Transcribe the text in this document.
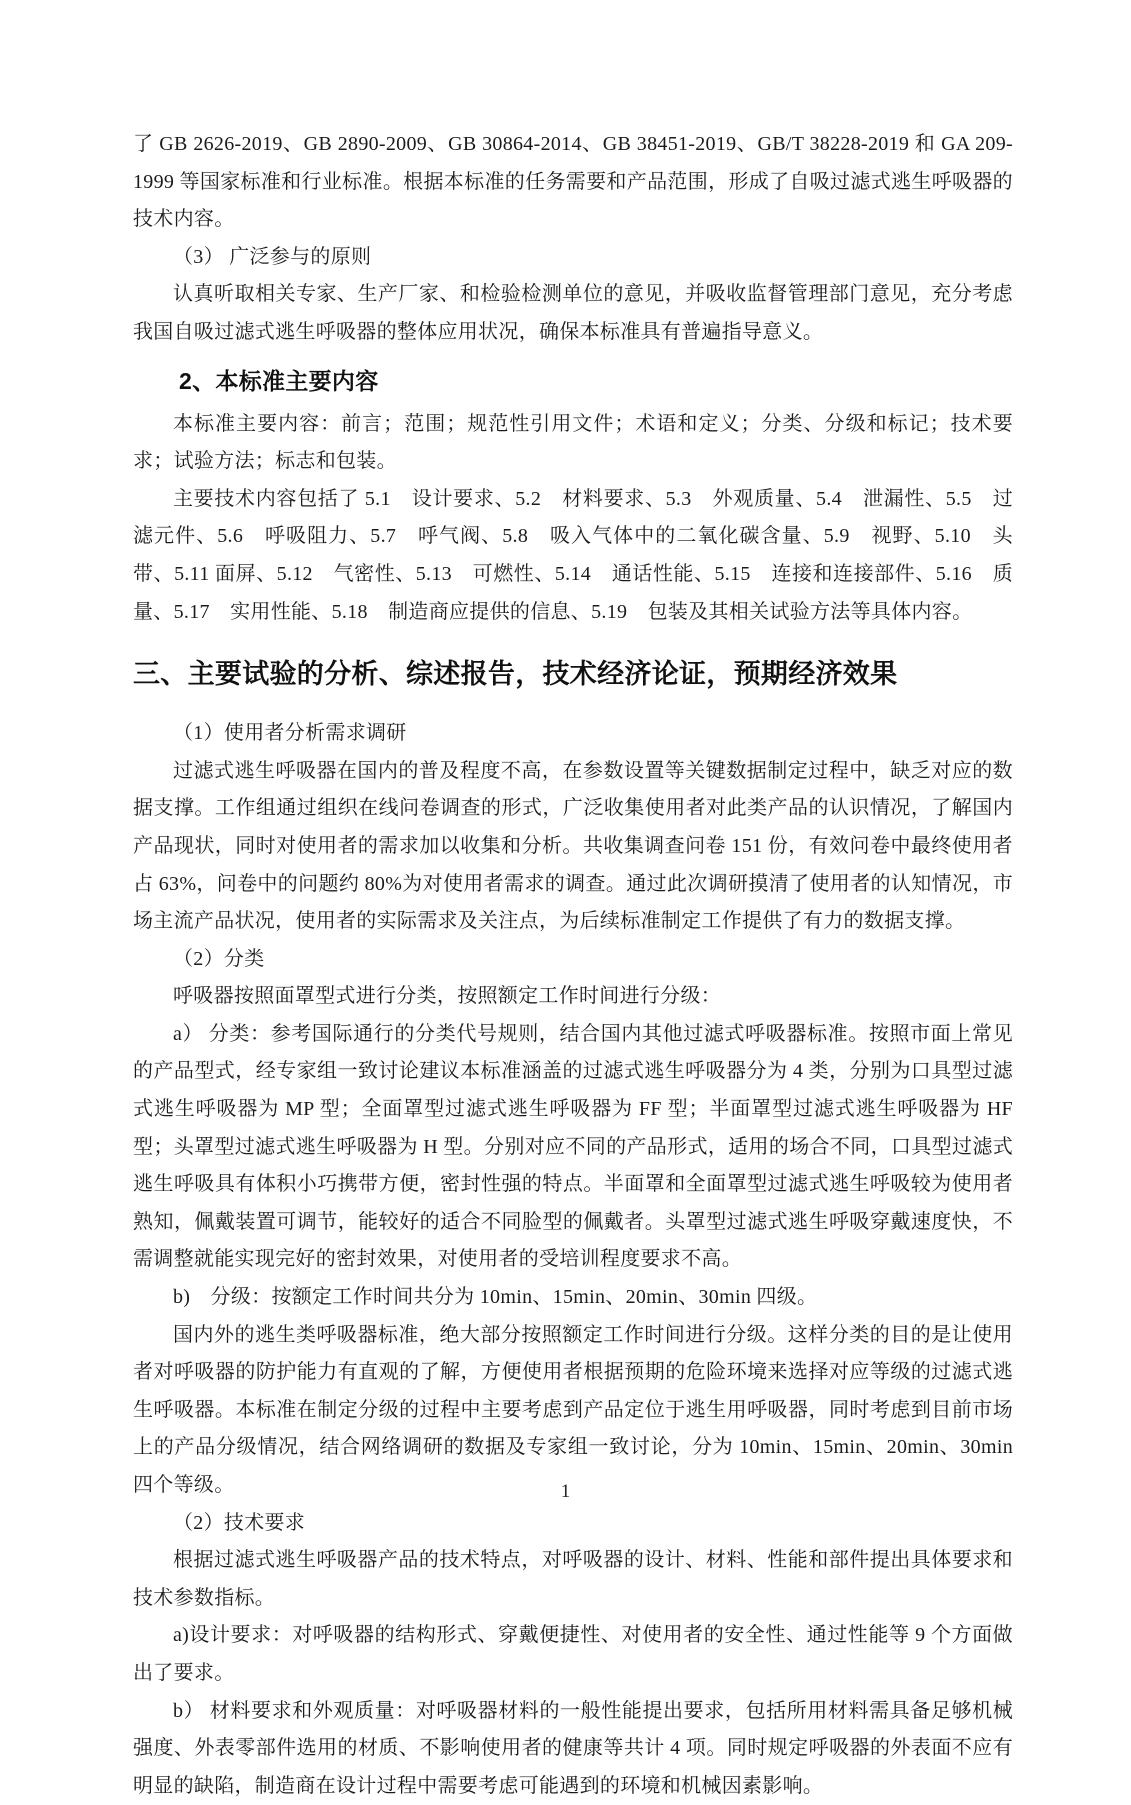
了 GB 2626-2019、GB 2890-2009、GB 30864-2014、GB 38451-2019、GB/T 38228-2019 和 GA 209-1999 等国家标准和行业标准。根据本标准的任务需要和产品范围，形成了自吸过滤式逃生呼吸器的技术内容。

（3） 广泛参与的原则

认真听取相关专家、生产厂家、和检验检测单位的意见，并吸收监督管理部门意见，充分考虑我国自吸过滤式逃生呼吸器的整体应用状况，确保本标准具有普遍指导意义。

2、本标准主要内容

本标准主要内容：前言；范围；规范性引用文件；术语和定义；分类、分级和标记；技术要求；试验方法；标志和包装。

主要技术内容包括了 5.1　设计要求、5.2　材料要求、5.3　外观质量、5.4　泄漏性、5.5　过滤元件、5.6　呼吸阻力、5.7　呼气阀、5.8　吸入气体中的二氧化碳含量、5.9　视野、5.10　头带、5.11 面屏、5.12　气密性、5.13　可燃性、5.14　通话性能、5.15　连接和连接部件、5.16　质量、5.17　实用性能、5.18　制造商应提供的信息、5.19　包装及其相关试验方法等具体内容。

三、主要试验的分析、综述报告，技术经济论证，预期经济效果

（1）使用者分析需求调研

过滤式逃生呼吸器在国内的普及程度不高，在参数设置等关键数据制定过程中，缺乏对应的数据支撑。工作组通过组织在线问卷调查的形式，广泛收集使用者对此类产品的认识情况，了解国内产品现状，同时对使用者的需求加以收集和分析。共收集调查问卷 151 份，有效问卷中最终使用者占 63%，问卷中的问题约 80%为对使用者需求的调查。通过此次调研摸清了使用者的认知情况，市场主流产品状况，使用者的实际需求及关注点，为后续标准制定工作提供了有力的数据支撑。

（2）分类

呼吸器按照面罩型式进行分类，按照额定工作时间进行分级：

a） 分类：参考国际通行的分类代号规则，结合国内其他过滤式呼吸器标准。按照市面上常见的产品型式，经专家组一致讨论建议本标准涵盖的过滤式逃生呼吸器分为 4 类，分别为口具型过滤式逃生呼吸器为 MP 型；全面罩型过滤式逃生呼吸器为 FF 型；半面罩型过滤式逃生呼吸器为 HF 型；头罩型过滤式逃生呼吸器为 H 型。分别对应不同的产品形式，适用的场合不同，口具型过滤式逃生呼吸具有体积小巧携带方便，密封性强的特点。半面罩和全面罩型过滤式逃生呼吸较为使用者熟知，佩戴装置可调节，能较好的适合不同脸型的佩戴者。头罩型过滤式逃生呼吸穿戴速度快，不需调整就能实现完好的密封效果，对使用者的受培训程度要求不高。

b)　分级：按额定工作时间共分为 10min、15min、20min、30min 四级。

国内外的逃生类呼吸器标准，绝大部分按照额定工作时间进行分级。这样分类的目的是让使用者对呼吸器的防护能力有直观的了解，方便使用者根据预期的危险环境来选择对应等级的过滤式逃生呼吸器。本标准在制定分级的过程中主要考虑到产品定位于逃生用呼吸器，同时考虑到目前市场上的产品分级情况，结合网络调研的数据及专家组一致讨论，分为 10min、15min、20min、30min 四个等级。

（2）技术要求

根据过滤式逃生呼吸器产品的技术特点，对呼吸器的设计、材料、性能和部件提出具体要求和技术参数指标。

a)设计要求：对呼吸器的结构形式、穿戴便捷性、对使用者的安全性、通过性能等 9 个方面做出了要求。

b） 材料要求和外观质量：对呼吸器材料的一般性能提出要求，包括所用材料需具备足够机械强度、外表零部件选用的材质、不影响使用者的健康等共计 4 项。同时规定呼吸器的外表面不应有明显的缺陷，制造商在设计过程中需要考虑可能遇到的环境和机械因素影响。

1
